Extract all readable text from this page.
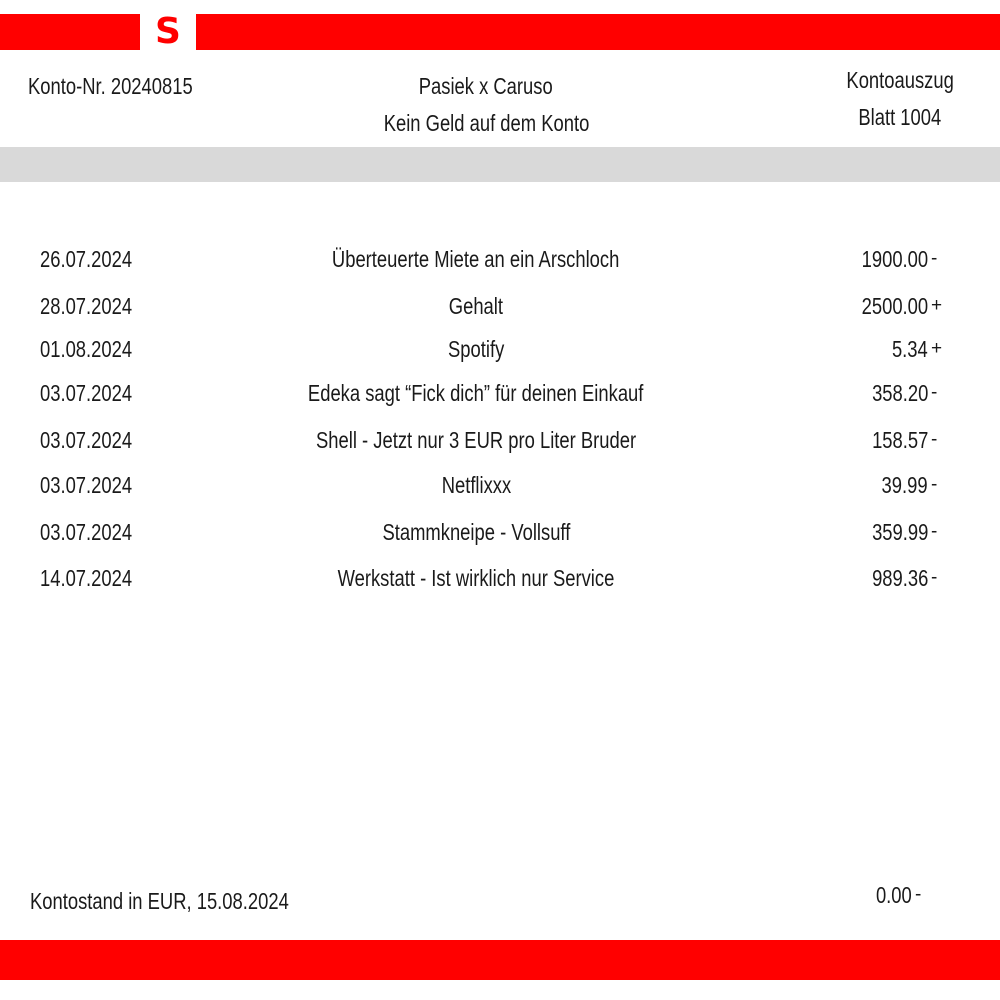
S
Konto-Nr. 20240815	Pasiek x Caruso
Kein Geld auf dem Konto
Kontoauszug
Blatt 1004
26.07.2024	Überteuerte Miete an ein Arschloch	1900.00 -
28.07.2024	Gehalt	2500.00 +
01.08.2024	Spotify	5.34 +
03.07.2024	Edeka sagt “Fick dich” für deinen Einkauf	358.20 -
03.07.2024	Shell - Jetzt nur 3 EUR pro Liter Bruder	158.57 -
03.07.2024	Netflixxx	39.99 -
03.07.2024	Stammkneipe - Vollsuff	359.99 -
14.07.2024	Werkstatt - Ist wirklich nur Service	989.36 -
Kontostand in EUR, 15.08.2024	0.00 -
